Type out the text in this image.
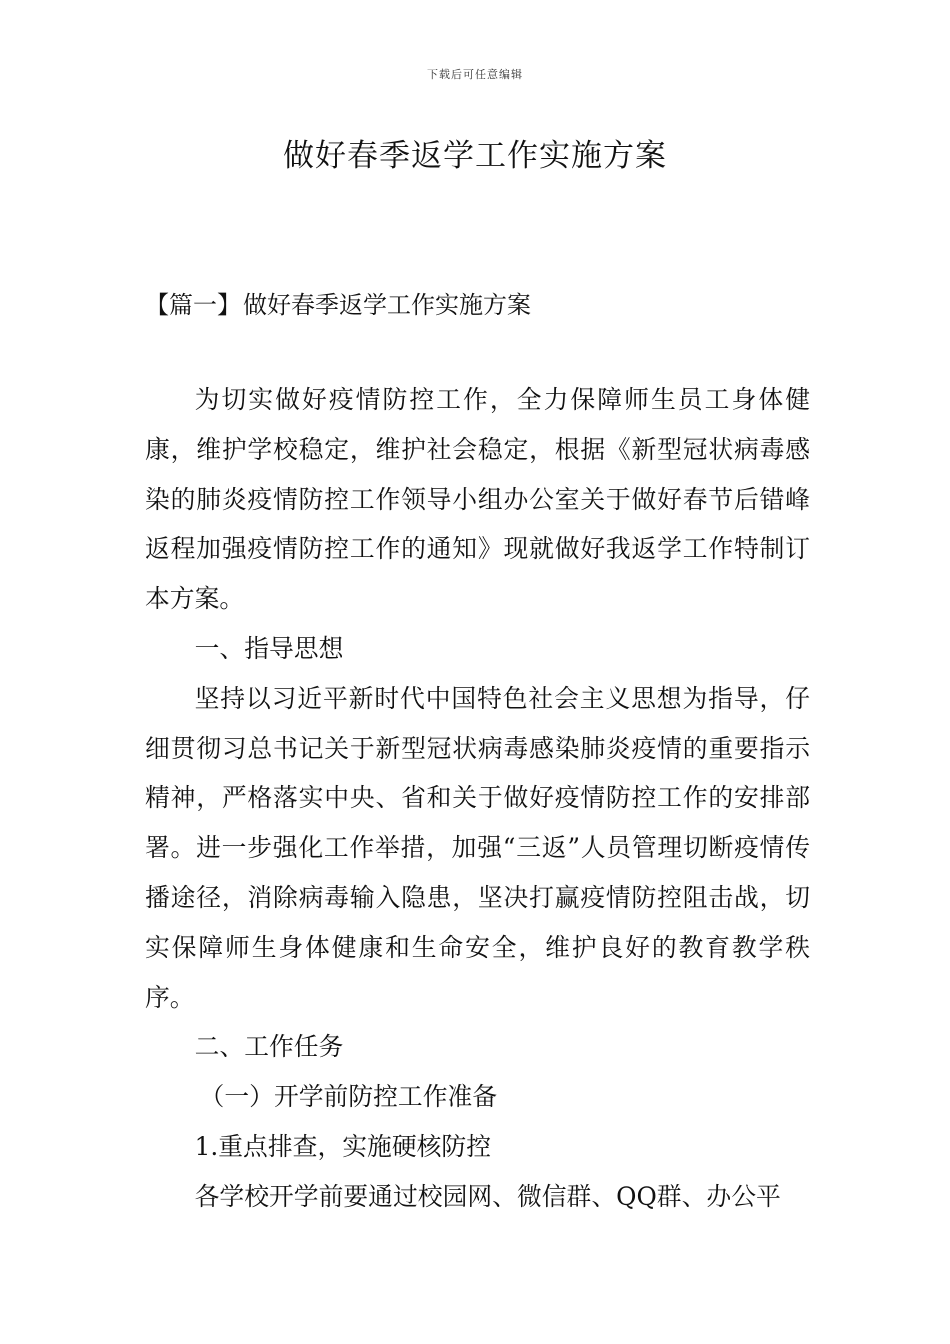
下载后可任意编辑
做好春季返学工作实施方案
【篇一】做好春季返学工作实施方案

为切实做好疫情防控工作，全力保障师生员工身体健康，维护学校稳定，维护社会稳定，根据《新型冠状病毒感染的肺炎疫情防控工作领导小组办公室关于做好春节后错峰返程加强疫情防控工作的通知》现就做好我返学工作特制订本方案。

一、指导思想

坚持以习近平新时代中国特色社会主义思想为指导，仔细贯彻习总书记关于新型冠状病毒感染肺炎疫情的重要指示精神，严格落实中央、省和关于做好疫情防控工作的安排部署。进一步强化工作举措，加强“三返”人员管理切断疫情传播途径，消除病毒输入隐患，坚决打赢疫情防控阻击战，切实保障师生身体健康和生命安全，维护良好的教育教学秩序。

二、工作任务

（一）开学前防控工作准备

1.重点排查，实施硬核防控

各学校开学前要通过校园网、微信群、QQ群、办公平
